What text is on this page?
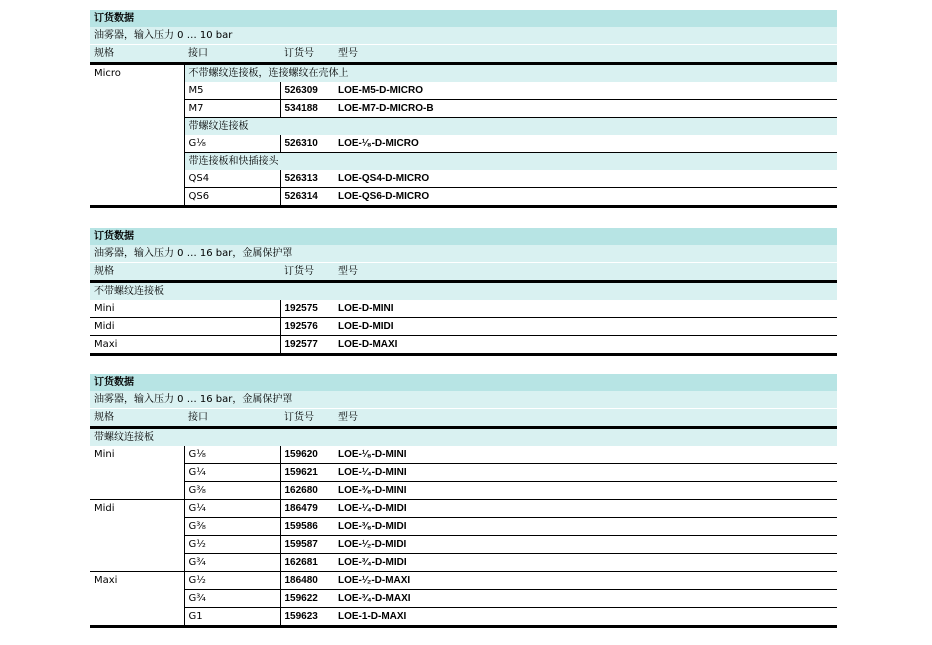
订货数据			
油雾器，输入压力 0 … 10 bar			
规格	接口	订货号	型号
Micro	不带螺纹连接板，连接螺纹在壳体上		
	M5	526309	LOE-M5-D-MICRO
	M7	534188	LOE-M7-D-MICRO-B
	带螺纹连接板		
	G¹⁄₈	526310	LOE-¹⁄₈-D-MICRO
	带连接板和快插接头		
	QS4	526313	LOE-QS4-D-MICRO
	QS6	526314	LOE-QS6-D-MICRO
订货数据		
油雾器，输入压力 0 … 16 bar，金属保护罩		
规格	订货号	型号
不带螺纹连接板		
Mini	192575	LOE-D-MINI
Midi	192576	LOE-D-MIDI
Maxi	192577	LOE-D-MAXI
订货数据			
油雾器，输入压力 0 … 16 bar，金属保护罩			
规格	接口	订货号	型号
带螺纹连接板			
Mini	G¹⁄₈	159620	LOE-¹⁄₈-D-MINI
	G¹⁄₄	159621	LOE-¹⁄₄-D-MINI
	G³⁄₈	162680	LOE-³⁄₈-D-MINI
Midi	G¹⁄₄	186479	LOE-¹⁄₄-D-MIDI
	G³⁄₈	159586	LOE-³⁄₈-D-MIDI
	G¹⁄₂	159587	LOE-¹⁄₂-D-MIDI
	G³⁄₄	162681	LOE-³⁄₄-D-MIDI
Maxi	G¹⁄₂	186480	LOE-¹⁄₂-D-MAXI
	G³⁄₄	159622	LOE-³⁄₄-D-MAXI
	G1	159623	LOE-1-D-MAXI
